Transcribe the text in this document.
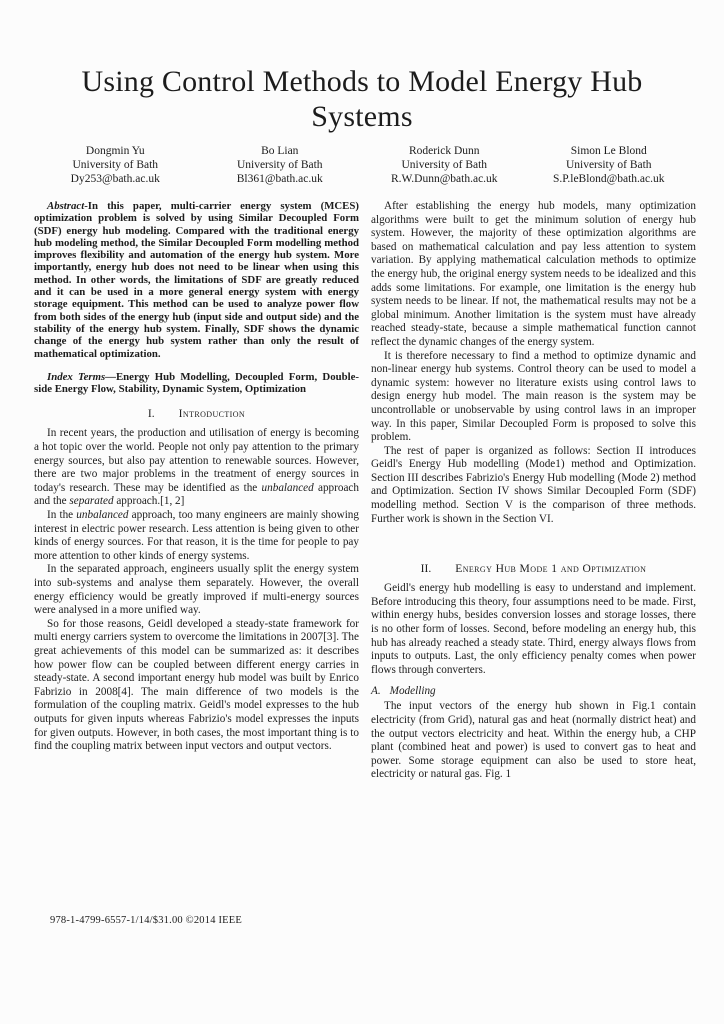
Using Control Methods to Model Energy Hub Systems
Dongmin Yu
University of Bath
Dy253@bath.ac.uk
Bo Lian
University of Bath
Bl361@bath.ac.uk
Roderick Dunn
University of Bath
R.W.Dunn@bath.ac.uk
Simon Le Blond
University of Bath
S.P.leBlond@bath.ac.uk

Abstract-In this paper, multi-carrier energy system (MCES) optimization problem is solved by using Similar Decoupled Form (SDF) energy hub modeling. Compared with the traditional energy hub modeling method, the Similar Decoupled Form modelling method improves flexibility and automation of the energy hub system. More importantly, energy hub does not need to be linear when using this method. In other words, the limitations of SDF are greatly reduced and it can be used in a more general energy system with energy storage equipment. This method can be used to analyze power flow from both sides of the energy hub (input side and output side) and the stability of the energy hub system. Finally, SDF shows the dynamic change of the energy hub system rather than only the result of mathematical optimization.

Index Terms—Energy Hub Modelling, Decoupled Form, Double-side Energy Flow, Stability, Dynamic System, Optimization

I. Introduction

In recent years, the production and utilisation of energy is becoming a hot topic over the world. People not only pay attention to the primary energy sources, but also pay attention to renewable sources. However, there are two major problems in the treatment of energy sources in today's research. These may be identified as the unbalanced approach and the separated approach.[1, 2]

In the unbalanced approach, too many engineers are mainly showing interest in electric power research. Less attention is being given to other kinds of energy sources. For that reason, it is the time for people to pay more attention to other kinds of energy systems.

In the separated approach, engineers usually split the energy system into sub-systems and analyse them separately. However, the overall energy efficiency would be greatly improved if multi-energy sources were analysed in a more unified way.

So for those reasons, Geidl developed a steady-state framework for multi energy carriers system to overcome the limitations in 2007[3]. The great achievements of this model can be summarized as: it describes how power flow can be coupled between different energy carries in steady-state. A second important energy hub model was built by Enrico Fabrizio in 2008[4]. The main difference of two models is the formulation of the coupling matrix. Geidl's model expresses to the hub outputs for given inputs whereas Fabrizio's model expresses the inputs for given outputs. However, in both cases, the most important thing is to find the coupling matrix between input vectors and output vectors.

After establishing the energy hub models, many optimization algorithms were built to get the minimum solution of energy hub system. However, the majority of these optimization algorithms are based on mathematical calculation and pay less attention to system variation. By applying mathematical calculation methods to optimize the energy hub, the original energy system needs to be idealized and this adds some limitations. For example, one limitation is the energy hub system needs to be linear. If not, the mathematical results may not be a global minimum. Another limitation is the system must have already reached steady-state, because a simple mathematical function cannot reflect the dynamic changes of the energy system.

It is therefore necessary to find a method to optimize dynamic and non-linear energy hub systems. Control theory can be used to model a dynamic system: however no literature exists using control laws to design energy hub model. The main reason is the system may be uncontrollable or unobservable by using control laws in an improper way. In this paper, Similar Decoupled Form is proposed to solve this problem.

The rest of paper is organized as follows: Section II introduces Geidl's Energy Hub modelling (Mode1) method and Optimization. Section III describes Fabrizio's Energy Hub modelling (Mode 2) method and Optimization. Section IV shows Similar Decoupled Form (SDF) modelling method. Section V is the comparison of three methods. Further work is shown in the Section VI.

II. Energy Hub Mode 1 and Optimization

Geidl's energy hub modelling is easy to understand and implement. Before introducing this theory, four assumptions need to be made. First, within energy hubs, besides conversion losses and storage losses, there is no other form of losses. Second, before modeling an energy hub, this hub has already reached a steady state. Third, energy always flows from inputs to outputs. Last, the only efficiency penalty comes when power flows through converters.

A. Modelling

The input vectors of the energy hub shown in Fig.1 contain electricity (from Grid), natural gas and heat (normally district heat) and the output vectors electricity and heat. Within the energy hub, a CHP plant (combined heat and power) is used to convert gas to heat and power. Some storage equipment can also be used to store heat, electricity or natural gas. Fig. 1

978-1-4799-6557-1/14/$31.00 ©2014 IEEE
